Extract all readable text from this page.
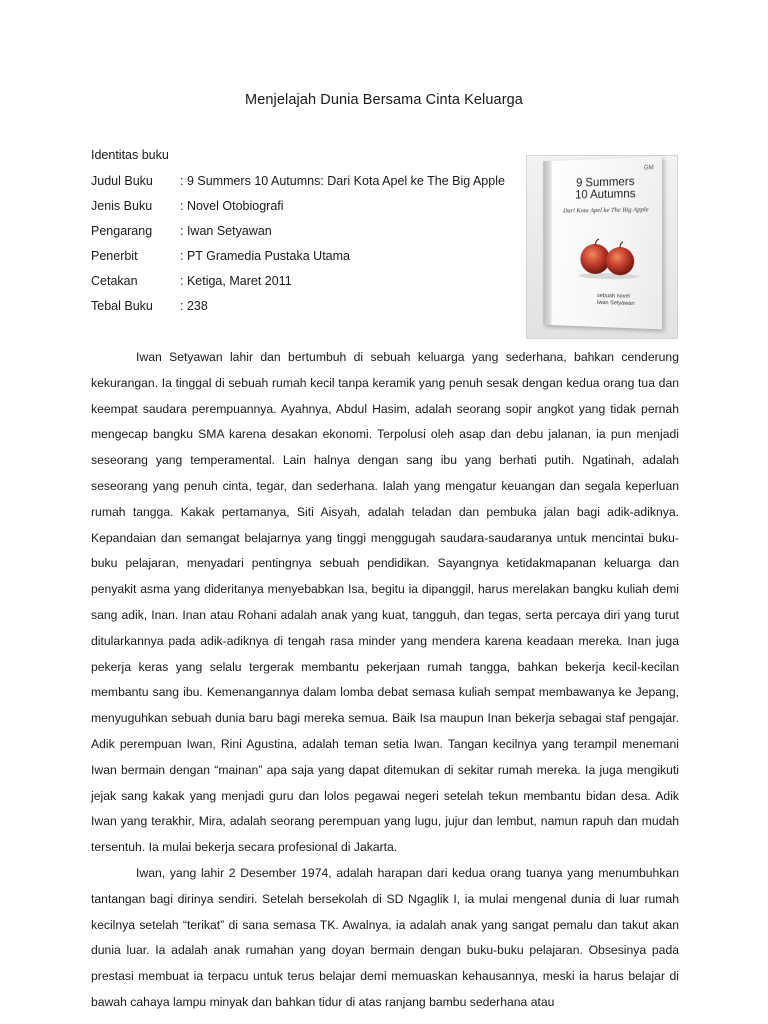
Menjelajah Dunia Bersama Cinta Keluarga
Identitas buku
Judul Buku : 9 Summers 10 Autumns: Dari Kota Apel ke The Big Apple
Jenis Buku : Novel Otobiografi
Pengarang : Iwan Setyawan
Penerbit	: PT Gramedia Pustaka Utama
Cetakan	: Ketiga, Maret 2011
Tebal Buku : 238
GM
9 Summers
10 Autumns
Dari Kota Apel ke The Big Apple
sebuah novel
Iwan Setyawan

Iwan Setyawan lahir dan bertumbuh di sebuah keluarga yang sederhana, bahkan cenderung kekurangan. Ia tinggal di sebuah rumah kecil tanpa keramik yang penuh sesak dengan kedua orang tua dan keempat saudara perempuannya. Ayahnya, Abdul Hasim, adalah seorang sopir angkot yang tidak pernah mengecap bangku SMA karena desakan ekonomi. Terpolusi oleh asap dan debu jalanan, ia pun menjadi seseorang yang temperamental. Lain halnya dengan sang ibu yang berhati putih. Ngatinah, adalah seseorang yang penuh cinta, tegar, dan sederhana. Ialah yang mengatur keuangan dan segala keperluan rumah tangga. Kakak pertamanya, Siti Aisyah, adalah teladan dan pembuka jalan bagi adik-adiknya. Kepandaian dan semangat belajarnya yang tinggi menggugah saudara-saudaranya untuk mencintai buku-buku pelajaran, menyadari pentingnya sebuah pendidikan. Sayangnya ketidakmapanan keluarga dan penyakit asma yang dideritanya menyebabkan Isa, begitu ia dipanggil, harus merelakan bangku kuliah demi sang adik, Inan. Inan atau Rohani adalah anak yang kuat, tangguh, dan tegas, serta percaya diri yang turut ditularkannya pada adik-adiknya di tengah rasa minder yang mendera karena keadaan mereka. Inan juga pekerja keras yang selalu tergerak membantu pekerjaan rumah tangga, bahkan bekerja kecil-kecilan membantu sang ibu. Kemenangannya dalam lomba debat semasa kuliah sempat membawanya ke Jepang, menyuguhkan sebuah dunia baru bagi mereka semua. Baik Isa maupun Inan bekerja sebagai staf pengajar. Adik perempuan Iwan, Rini Agustina, adalah teman setia Iwan. Tangan kecilnya yang terampil menemani Iwan bermain dengan “mainan” apa saja yang dapat ditemukan di sekitar rumah mereka. Ia juga mengikuti jejak sang kakak yang menjadi guru dan lolos pegawai negeri setelah tekun membantu bidan desa. Adik Iwan yang terakhir, Mira, adalah seorang perempuan yang lugu, jujur dan lembut, namun rapuh dan mudah tersentuh. Ia mulai bekerja secara profesional di Jakarta.

Iwan, yang lahir 2 Desember 1974, adalah harapan dari kedua orang tuanya yang menumbuhkan tantangan bagi dirinya sendiri. Setelah bersekolah di SD Ngaglik I, ia mulai mengenal dunia di luar rumah kecilnya setelah “terikat” di sana semasa TK. Awalnya, ia adalah anak yang sangat pemalu dan takut akan dunia luar. Ia adalah anak rumahan yang doyan bermain dengan buku-buku pelajaran. Obsesinya pada prestasi membuat ia terpacu untuk terus belajar demi memuaskan kehausannya, meski ia harus belajar di bawah cahaya lampu minyak dan bahkan tidur di atas ranjang bambu sederhana atau
